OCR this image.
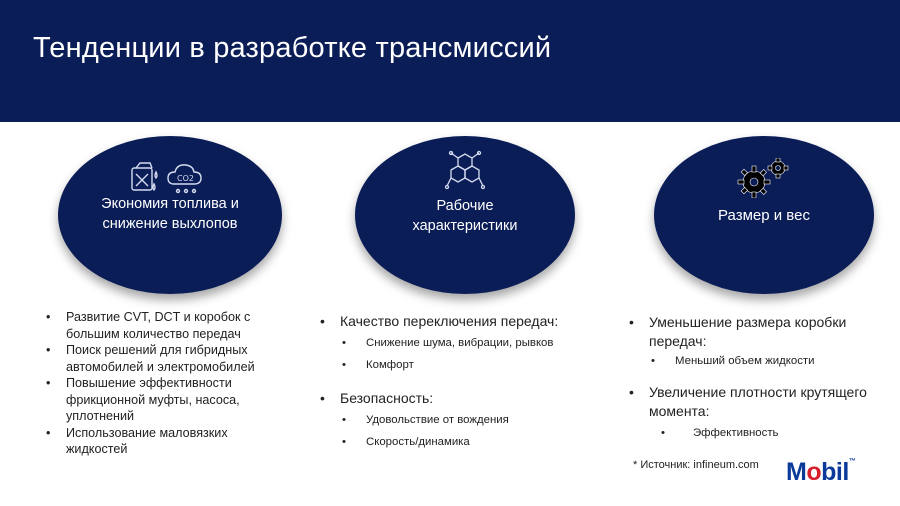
Тенденции в разработке трансмиссий
CO2
Экономия топлива и
снижение выхлопов
Рабочие
характеристики
Размер и вес
• Развитие CVT, DCT и коробок с большим количество передач
• Поиск решений для гибридных автомобилей и электромобилей
• Повышение эффективности фрикционной муфты, насоса, уплотнений
• Использование маловязких жидкостей
• Качество переключения передач:
• Снижение шума, вибрации, рывков
• Комфорт
• Безопасность:
• Удовольствие от вождения
• Скорость/динамика
• Уменьшение размера коробки передач:
• Меньший объем жидкости
• Увеличение плотности крутящего момента:
• Эффективность
* Источник: infineum.com Mobil™
